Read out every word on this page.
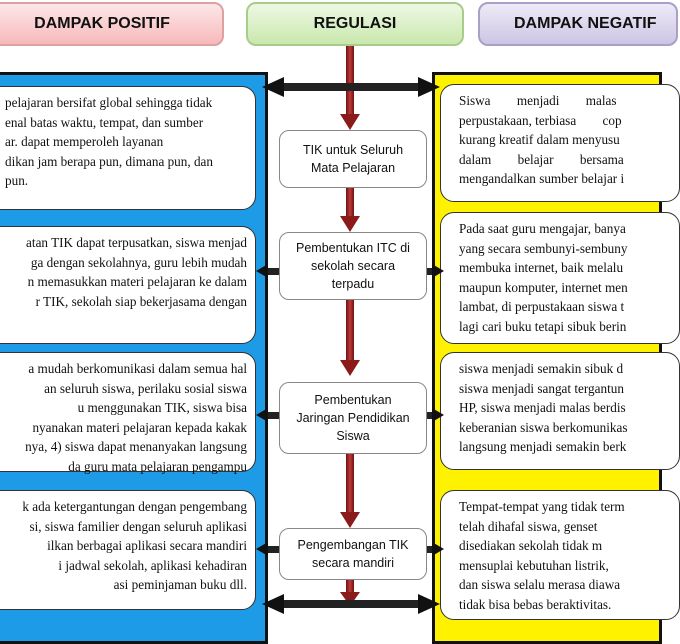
DAMPAK POSITIF	REGULASI	DAMPAK NEGATIF
pelajaran bersifat global sehingga tidak
enal batas waktu, tempat, dan sumber
ar. dapat memperoleh layanan
dikan jam berapa pun, dimana pun, dan
pun.
atan TIK dapat terpusatkan, siswa menjad
ga dengan sekolahnya, guru lebih mudah
n memasukkan materi pelajaran ke dalam
r TIK, sekolah siap bekerjasama dengan
a mudah berkomunikasi dalam semua hal
an seluruh siswa, perilaku sosial siswa
u menggunakan TIK, siswa bisa
nyanakan materi pelajaran kepada kakak
nya, 4) siswa dapat menanyakan langsung
da guru mata pelajaran pengampu
k ada ketergantungan dengan pengembang
si, siswa familier dengan seluruh aplikasi
ilkan berbagai aplikasi secara mandiri
i jadwal sekolah, aplikasi kehadiran
asi peminjaman buku dll.
Siswa        menjadi        malas
perpustakaan, terbiasa        cop
kurang kreatif dalam menyusu
dalam        belajar        bersama
mengandalkan sumber belajar i
Pada saat guru mengajar, banya
yang secara sembunyi-sembuny
membuka internet, baik melalu
maupun komputer, internet men
lambat, di perpustakaan siswa t
lagi cari buku tetapi sibuk berin
siswa menjadi semakin sibuk d
siswa menjadi sangat tergantun
HP, siswa menjadi malas berdis
keberanian siswa berkomunikas
langsung menjadi semakin berk
Tempat-tempat yang tidak term
telah dihafal siswa, genset
disediakan sekolah tidak m
mensuplai kebutuhan listrik,
dan siswa selalu merasa diawa
tidak bisa bebas beraktivitas.
TIK untuk Seluruh
Mata Pelajaran
Pembentukan ITC di
sekolah secara
terpadu
Pembentukan
Jaringan Pendidikan
Siswa
Pengembangan TIK
secara mandiri
